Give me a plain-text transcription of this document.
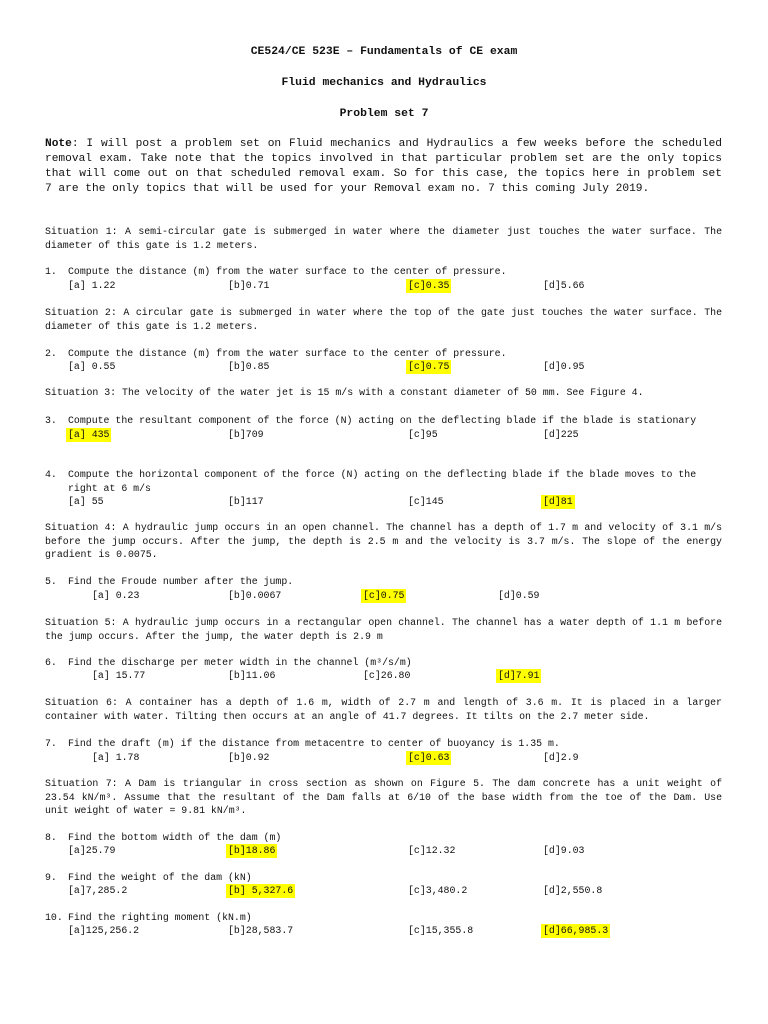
CE524/CE 523E – Fundamentals of CE exam
Fluid mechanics and Hydraulics
Problem set 7
Note: I will post a problem set on Fluid mechanics and Hydraulics a few weeks before the scheduled
removal exam. Take note that the topics involved in that particular problem set are the only topics
that will come out on that scheduled removal exam. So for this case, the topics here in problem set
7 are the only topics that will be used for your Removal exam no. 7 this coming July 2019.
Situation 1: A semi-circular gate is submerged in water where the diameter just touches the water surface. The
diameter of this gate is 1.2 meters.
1. Compute the distance (m) from the water surface to the center of pressure.
[a] 1.22	[b]0.71	[c]0.35	[d]5.66
Situation 2: A circular gate is submerged in water where the top of the gate just touches the water surface. The
diameter of this gate is 1.2 meters.
2. Compute the distance (m) from the water surface to the center of pressure.
[a] 0.55	[b]0.85	[c]0.75	[d]0.95
Situation 3: The velocity of the water jet is 15 m/s with a constant diameter of 50 mm. See Figure 4.
3. Compute the resultant component of the force (N) acting on the deflecting blade if the blade is stationary
[a] 435	[b]709	[c]95	[d]225
4. Compute the horizontal component of the force (N) acting on the deflecting blade if the blade moves to the
right at 6 m/s
[a] 55	[b]117	[c]145	[d]81
Situation 4: A hydraulic jump occurs in an open channel. The channel has a depth of 1.7 m and velocity of 3.1 m/s
before the jump occurs. After the jump, the depth is 2.5 m and the velocity is 3.7 m/s. The slope of the energy
gradient is 0.0075.
5. Find the Froude number after the jump.
[a] 0.23	[b]0.0067	[c]0.75	[d]0.59
Situation 5: A hydraulic jump occurs in a rectangular open channel. The channel has a water depth of 1.1 m before
the jump occurs. After the jump, the water depth is 2.9 m
6. Find the discharge per meter width in the channel (m³/s/m)
[a] 15.77	[b]11.06	[c]26.80	[d]7.91
Situation 6: A container has a depth of 1.6 m, width of 2.7 m and length of 3.6 m. It is placed in a larger
container with water. Tilting then occurs at an angle of 41.7 degrees. It tilts on the 2.7 meter side.
7. Find the draft (m) if the distance from metacentre to center of buoyancy is 1.35 m.
[a] 1.78	[b]0.92	[c]0.63	[d]2.9
Situation 7: A Dam is triangular in cross section as shown on Figure 5. The dam concrete has a unit weight of
23.54 kN/m³. Assume that the resultant of the Dam falls at 6/10 of the base width from the toe of the Dam. Use
unit weight of water = 9.81 kN/m³.
8. Find the bottom width of the dam (m)
[a]25.79	[b]18.86	[c]12.32	[d]9.03
9. Find the weight of the dam (kN)
[a]7,285.2	[b] 5,327.6	[c]3,480.2	[d]2,550.8
10. Find the righting moment (kN.m)
[a]125,256.2	[b]28,583.7	[c]15,355.8	[d]66,985.3
